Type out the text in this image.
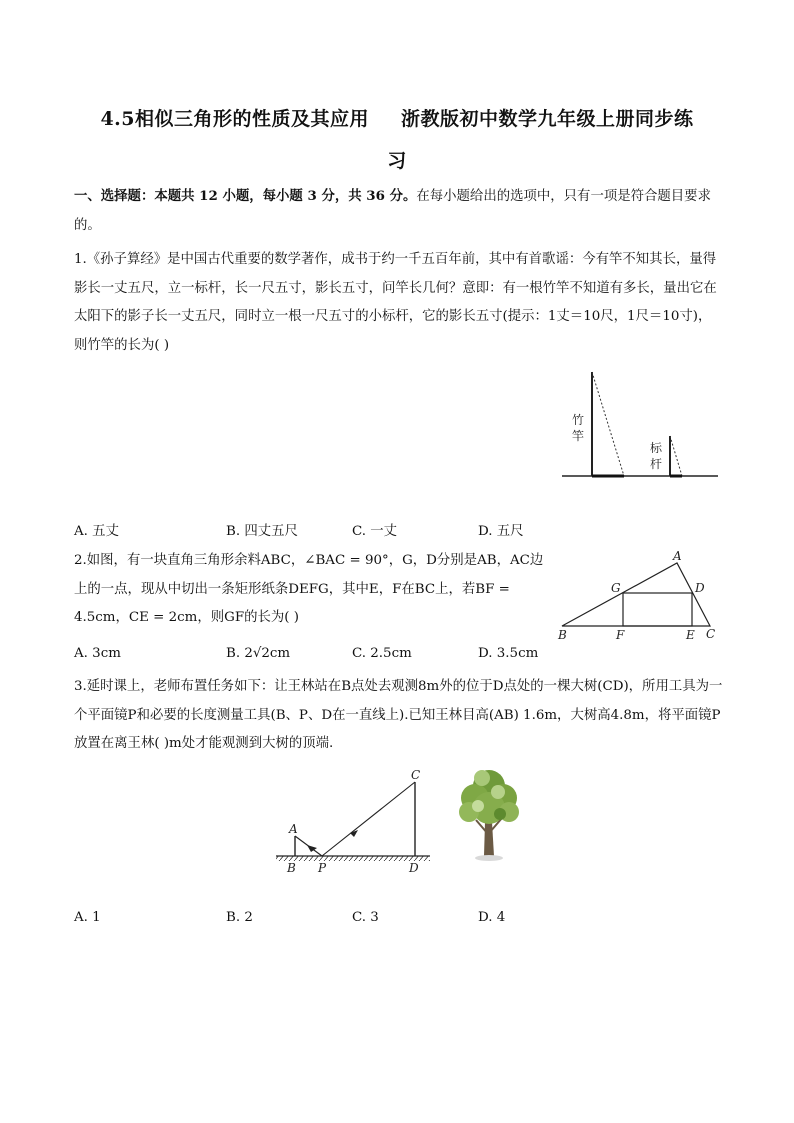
4.5相似三角形的性质及其应用 浙教版初中数学九年级上册同步练
习
一、选择题：本题共 12 小题，每小题 3 分，共 36 分。在每小题给出的选项中，只有一项是符合题目要求的。
1.《孙子算经》是中国古代重要的数学著作，成书于约一千五百年前，其中有首歌谣：今有竿不知其长，量得影长一丈五尺，立一标杆，长一尺五寸，影长五寸，问竿长几何？意即：有一根竹竿不知道有多长，量出它在太阳下的影子长一丈五尺，同时立一根一尺五寸的小标杆，它的影长五寸(提示：1丈＝10尺，1尺＝10寸)，则竹竿的长为( )
竹
竿
标
杆
A. 五丈	B. 四丈五尺	C. 一丈	D. 五尺
2.如图，有一块直角三角形余料ABC，∠BAC = 90°，G，D分别是AB，AC边上的一点，现从中切出一条矩形纸条DEFG，其中E，F在BC上，若BF = 4.5cm，CE = 2cm，则GF的长为( )
A
B	C
D
E
F
G
A. 3cm	B. 2√2cm	C. 2.5cm	D. 3.5cm
3.延时课上，老师布置任务如下：让王林站在B点处去观测8m外的位于D点处的一棵大树(CD)，所用工具为一个平面镜P和必要的长度测量工具(B、P、D在一直线上).已知王林目高(AB) 1.6m，大树高4.8m，将平面镜P放置在离王林( )m处才能观测到大树的顶端.
A
B P
C
D
A. 1	B. 2	C. 3	D. 4
